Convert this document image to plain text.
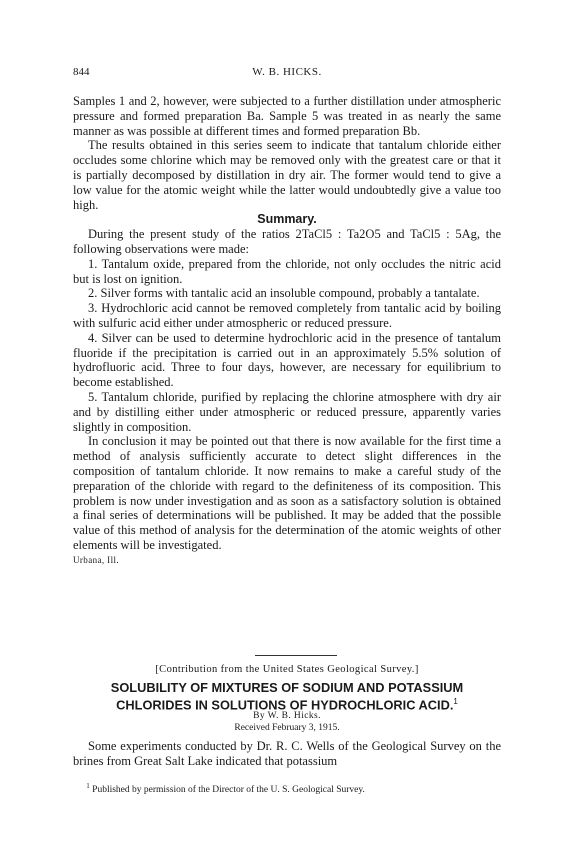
844	W. B. HICKS.

Samples 1 and 2, however, were subjected to a further distillation under atmospheric pressure and formed preparation Ba. Sample 5 was treated in as nearly the same manner as was possible at different times and formed preparation Bb.

The results obtained in this series seem to indicate that tantalum chloride either occludes some chlorine which may be removed only with the greatest care or that it is partially decomposed by distillation in dry air. The former would tend to give a low value for the atomic weight while the latter would undoubtedly give a value too high.

Summary.

During the present study of the ratios 2TaCl5 : Ta2O5 and TaCl5 : 5Ag, the following observations were made:

1. Tantalum oxide, prepared from the chloride, not only occludes the nitric acid but is lost on ignition.

2. Silver forms with tantalic acid an insoluble compound, probably a tantalate.

3. Hydrochloric acid cannot be removed completely from tantalic acid by boiling with sulfuric acid either under atmospheric or reduced pressure.

4. Silver can be used to determine hydrochloric acid in the presence of tantalum fluoride if the precipitation is carried out in an approximately 5.5% solution of hydrofluoric acid. Three to four days, however, are necessary for equilibrium to become established.

5. Tantalum chloride, purified by replacing the chlorine atmosphere with dry air and by distilling either under atmospheric or reduced pressure, apparently varies slightly in composition.

In conclusion it may be pointed out that there is now available for the first time a method of analysis sufficiently accurate to detect slight differences in the composition of tantalum chloride. It now remains to make a careful study of the preparation of the chloride with regard to the definiteness of its composition. This problem is now under investigation and as soon as a satisfactory solution is obtained a final series of determinations will be published. It may be added that the possible value of this method of analysis for the determination of the atomic weights of other elements will be investigated.

Urbana, Ill.

[Contribution from the United States Geological Survey.]
SOLUBILITY OF MIXTURES OF SODIUM AND POTASSIUM
CHLORIDES IN SOLUTIONS OF HYDROCHLORIC ACID.$^1$
By W. B. Hicks.
Received February 3, 1915.

Some experiments conducted by Dr. R. C. Wells of the Geological Survey on the brines from Great Salt Lake indicated that potassium

$^1$ Published by permission of the Director of the U. S. Geological Survey.
